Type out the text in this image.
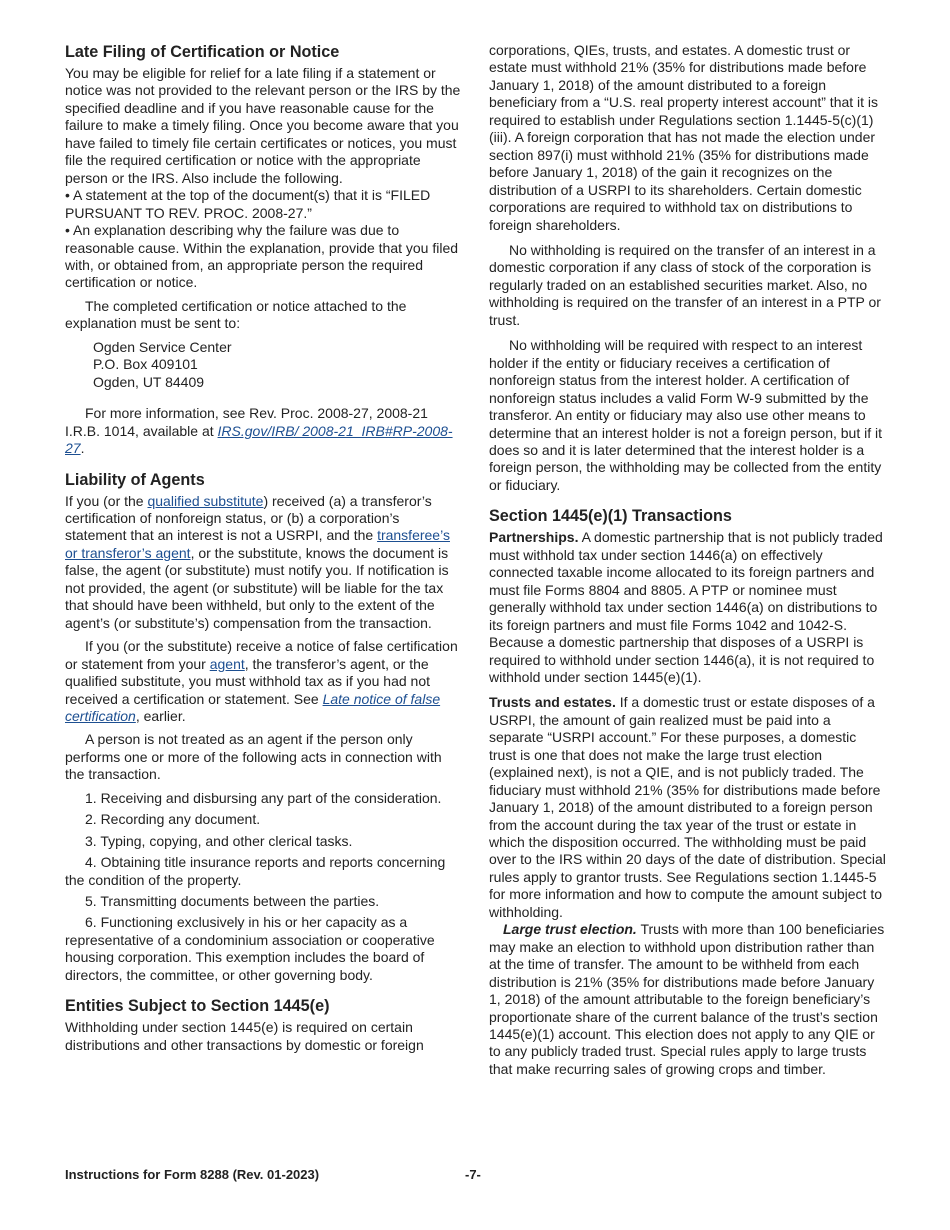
Late Filing of Certification or Notice

You may be eligible for relief for a late filing if a statement or notice was not provided to the relevant person or the IRS by the specified deadline and if you have reasonable cause for the failure to make a timely filing. Once you become aware that you have failed to timely file certain certificates or notices, you must file the required certification or notice with the appropriate person or the IRS. Also include the following.

• A statement at the top of the document(s) that it is “FILED PURSUANT TO REV. PROC. 2008-27.”

• An explanation describing why the failure was due to reasonable cause. Within the explanation, provide that you filed with, or obtained from, an appropriate person the required certification or notice.

The completed certification or notice attached to the explanation must be sent to:

Ogden Service Center
P.O. Box 409101
Ogden, UT 84409

For more information, see Rev. Proc. 2008-27, 2008-21 I.R.B. 1014, available at IRS.gov/IRB/ 2008-21_IRB#RP-2008-27.

Liability of Agents

If you (or the qualified substitute) received (a) a transferor’s certification of nonforeign status, or (b) a corporation’s statement that an interest is not a USRPI, and the transferee’s or transferor’s agent, or the substitute, knows the document is false, the agent (or substitute) must notify you. If notification is not provided, the agent (or substitute) will be liable for the tax that should have been withheld, but only to the extent of the agent’s (or substitute’s) compensation from the transaction.

If you (or the substitute) receive a notice of false certification or statement from your agent, the transferor’s agent, or the qualified substitute, you must withhold tax as if you had not received a certification or statement. See Late notice of false certification, earlier.

A person is not treated as an agent if the person only performs one or more of the following acts in connection with the transaction.

1. Receiving and disbursing any part of the consideration.

2. Recording any document.

3. Typing, copying, and other clerical tasks.

4. Obtaining title insurance reports and reports concerning the condition of the property.

5. Transmitting documents between the parties.

6. Functioning exclusively in his or her capacity as a representative of a condominium association or cooperative housing corporation. This exemption includes the board of directors, the committee, or other governing body.

Entities Subject to Section 1445(e)

Withholding under section 1445(e) is required on certain distributions and other transactions by domestic or foreign

corporations, QIEs, trusts, and estates. A domestic trust or estate must withhold 21% (35% for distributions made before January 1, 2018) of the amount distributed to a foreign beneficiary from a “U.S. real property interest account” that it is required to establish under Regulations section 1.1445-5(c)(1)(iii). A foreign corporation that has not made the election under section 897(i) must withhold 21% (35% for distributions made before January 1, 2018) of the gain it recognizes on the distribution of a USRPI to its shareholders. Certain domestic corporations are required to withhold tax on distributions to foreign shareholders.

No withholding is required on the transfer of an interest in a domestic corporation if any class of stock of the corporation is regularly traded on an established securities market. Also, no withholding is required on the transfer of an interest in a PTP or trust.

No withholding will be required with respect to an interest holder if the entity or fiduciary receives a certification of nonforeign status from the interest holder. A certification of nonforeign status includes a valid Form W-9 submitted by the transferor. An entity or fiduciary may also use other means to determine that an interest holder is not a foreign person, but if it does so and it is later determined that the interest holder is a foreign person, the withholding may be collected from the entity or fiduciary.

Section 1445(e)(1) Transactions

Partnerships. A domestic partnership that is not publicly traded must withhold tax under section 1446(a) on effectively connected taxable income allocated to its foreign partners and must file Forms 8804 and 8805. A PTP or nominee must generally withhold tax under section 1446(a) on distributions to its foreign partners and must file Forms 1042 and 1042-S. Because a domestic partnership that disposes of a USRPI is required to withhold under section 1446(a), it is not required to withhold under section 1445(e)(1).

Trusts and estates. If a domestic trust or estate disposes of a USRPI, the amount of gain realized must be paid into a separate “USRPI account.” For these purposes, a domestic trust is one that does not make the large trust election (explained next), is not a QIE, and is not publicly traded. The fiduciary must withhold 21% (35% for distributions made before January 1, 2018) of the amount distributed to a foreign person from the account during the tax year of the trust or estate in which the disposition occurred. The withholding must be paid over to the IRS within 20 days of the date of distribution. Special rules apply to grantor trusts. See Regulations section 1.1445-5 for more information and how to compute the amount subject to withholding.

Large trust election. Trusts with more than 100 beneficiaries may make an election to withhold upon distribution rather than at the time of transfer. The amount to be withheld from each distribution is 21% (35% for distributions made before January 1, 2018) of the amount attributable to the foreign beneficiary’s proportionate share of the current balance of the trust’s section 1445(e)(1) account. This election does not apply to any QIE or to any publicly traded trust. Special rules apply to large trusts that make recurring sales of growing crops and timber.

Instructions for Form 8288 (Rev. 01-2023)	-7-
